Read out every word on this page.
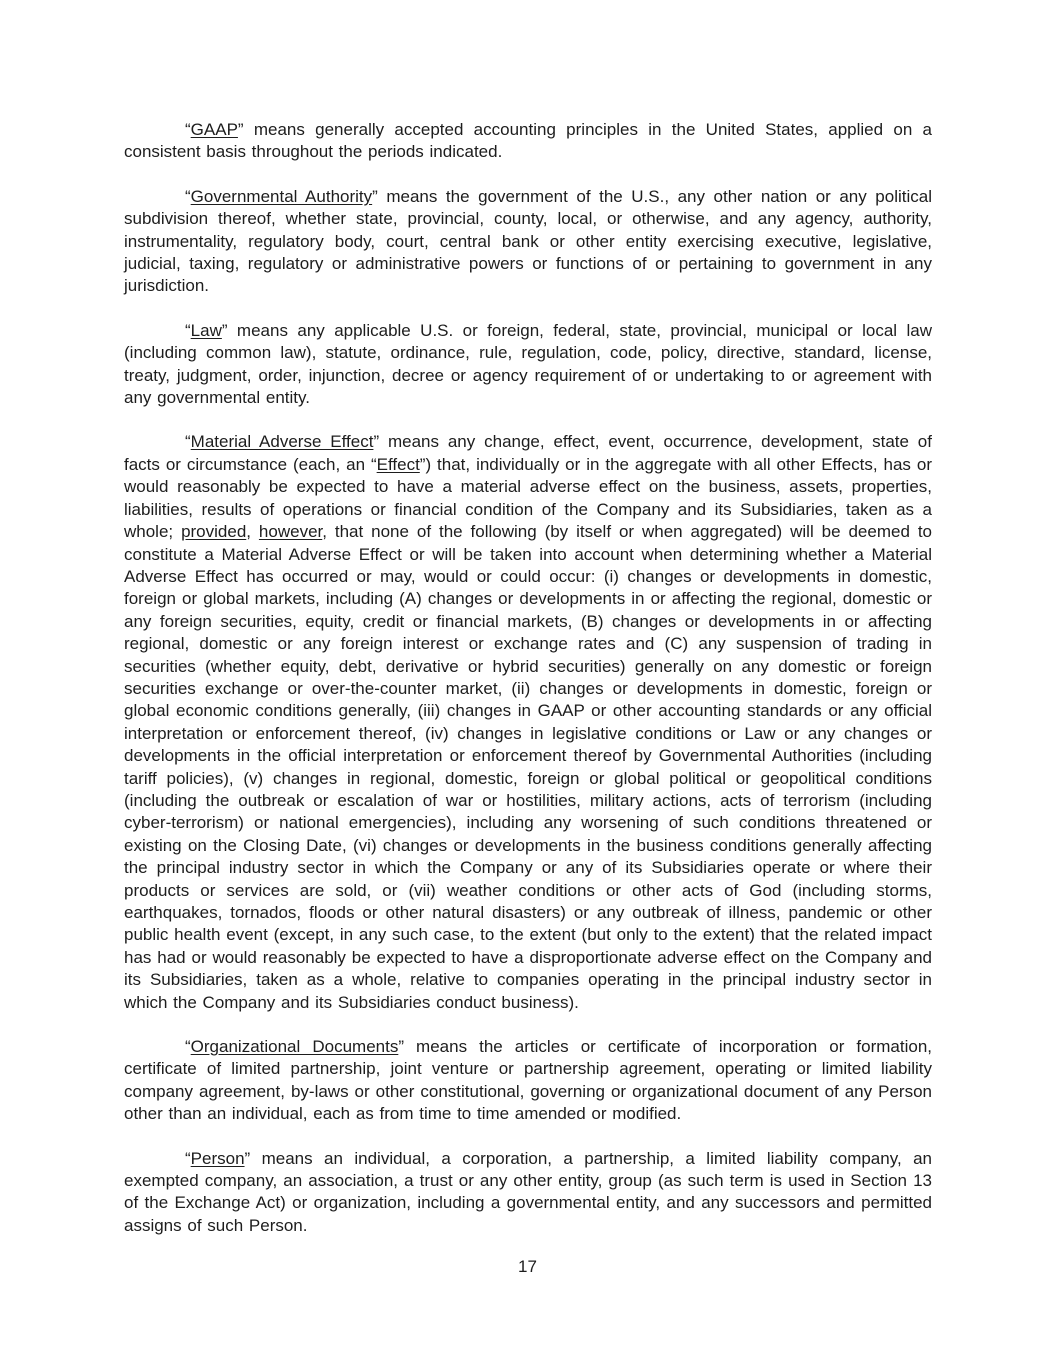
“GAAP” means generally accepted accounting principles in the United States, applied on a consistent basis throughout the periods indicated.

“Governmental Authority” means the government of the U.S., any other nation or any political subdivision thereof, whether state, provincial, county, local, or otherwise, and any agency, authority, instrumentality, regulatory body, court, central bank or other entity exercising executive, legislative, judicial, taxing, regulatory or administrative powers or functions of or pertaining to government in any jurisdiction.

“Law” means any applicable U.S. or foreign, federal, state, provincial, municipal or local law (including common law), statute, ordinance, rule, regulation, code, policy, directive, standard, license, treaty, judgment, order, injunction, decree or agency requirement of or undertaking to or agreement with any governmental entity.

“Material Adverse Effect” means any change, effect, event, occurrence, development, state of facts or circumstance (each, an “Effect”) that, individually or in the aggregate with all other Effects, has or would reasonably be expected to have a material adverse effect on the business, assets, properties, liabilities, results of operations or financial condition of the Company and its Subsidiaries, taken as a whole; provided, however, that none of the following (by itself or when aggregated) will be deemed to constitute a Material Adverse Effect or will be taken into account when determining whether a Material Adverse Effect has occurred or may, would or could occur: (i) changes or developments in domestic, foreign or global markets, including (A) changes or developments in or affecting the regional, domestic or any foreign securities, equity, credit or financial markets, (B) changes or developments in or affecting regional, domestic or any foreign interest or exchange rates and (C) any suspension of trading in securities (whether equity, debt, derivative or hybrid securities) generally on any domestic or foreign securities exchange or over-the-counter market, (ii) changes or developments in domestic, foreign or global economic conditions generally, (iii) changes in GAAP or other accounting standards or any official interpretation or enforcement thereof, (iv) changes in legislative conditions or Law or any changes or developments in the official interpretation or enforcement thereof by Governmental Authorities (including tariff policies), (v) changes in regional, domestic, foreign or global political or geopolitical conditions (including the outbreak or escalation of war or hostilities, military actions, acts of terrorism (including cyber-terrorism) or national emergencies), including any worsening of such conditions threatened or existing on the Closing Date, (vi) changes or developments in the business conditions generally affecting the principal industry sector in which the Company or any of its Subsidiaries operate or where their products or services are sold, or (vii) weather conditions or other acts of God (including storms, earthquakes, tornados, floods or other natural disasters) or any outbreak of illness, pandemic or other public health event (except, in any such case, to the extent (but only to the extent) that the related impact has had or would reasonably be expected to have a disproportionate adverse effect on the Company and its Subsidiaries, taken as a whole, relative to companies operating in the principal industry sector in which the Company and its Subsidiaries conduct business).

“Organizational Documents” means the articles or certificate of incorporation or formation, certificate of limited partnership, joint venture or partnership agreement, operating or limited liability company agreement, by-laws or other constitutional, governing or organizational document of any Person other than an individual, each as from time to time amended or modified.

“Person” means an individual, a corporation, a partnership, a limited liability company, an exempted company, an association, a trust or any other entity, group (as such term is used in Section 13 of the Exchange Act) or organization, including a governmental entity, and any successors and permitted assigns of such Person.

17
